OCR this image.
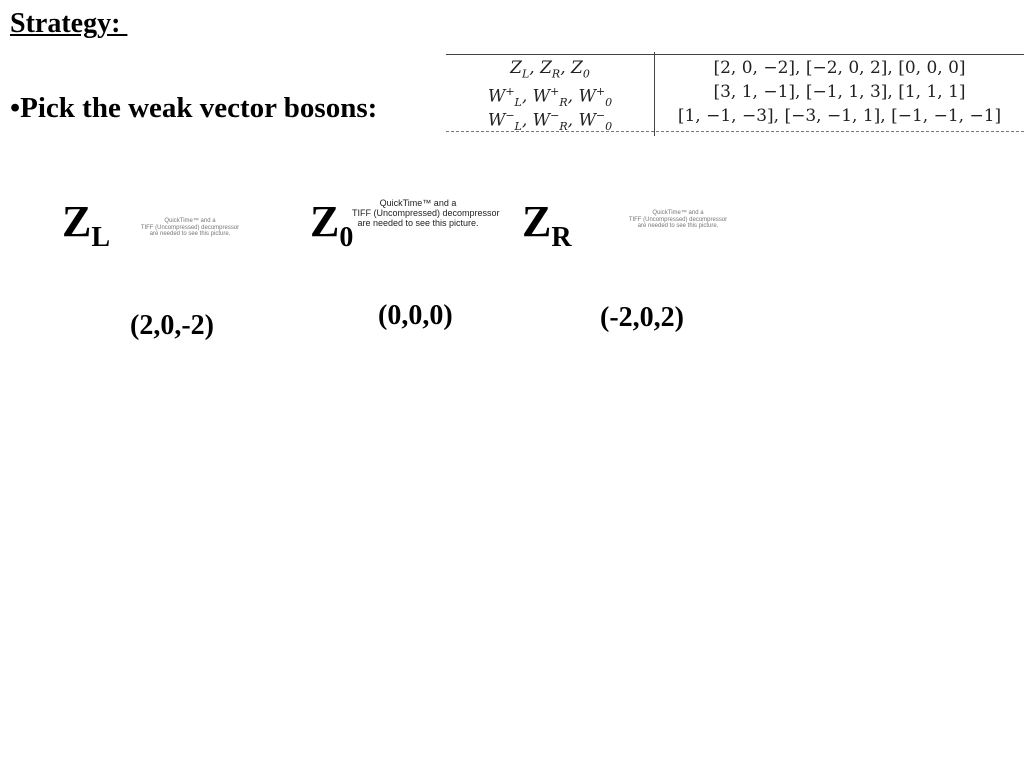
Strategy:
•Pick the weak vector bosons:
$Z_L$, $Z_R$, $Z_0$	[2, 0, −2], [−2, 0, 2], [0, 0, 0]
$W^+_L$, $W^+_R$, $W^+_0$
[3, 1, −1], [−1, 1, 3], [1, 1, 1]
$W^-_L$, $W^-_R$, $W^-_0$
[1, −1, −3], [−3, −1, 1], [−1, −1, −1]
$Z_L$
QuickTime™ and a
TIFF (Uncompressed) decompressor
are needed to see this picture.
(2,0,-2)
$Z_0$
QuickTime™ and a
TIFF (Uncompressed) decompressor
are needed to see this picture.
(0,0,0)
$Z_R$
QuickTime™ and a
TIFF (Uncompressed) decompressor
are needed to see this picture.
(-2,0,2)
